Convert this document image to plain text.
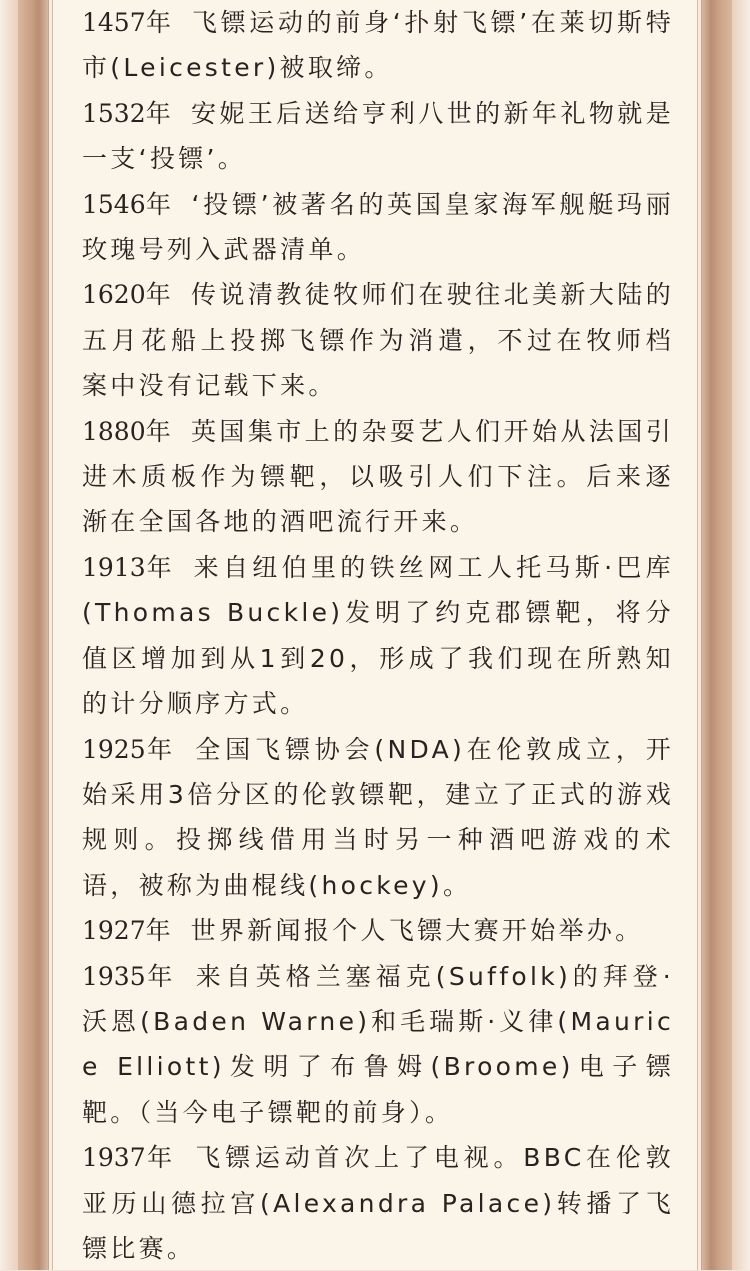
1457年 飞镖运动的前身‘扑射飞镖’在莱切斯特市(Leicester)被取缔。

1532年 安妮王后送给亨利八世的新年礼物就是一支‘投镖’。

1546年 ‘投镖’被著名的英国皇家海军舰艇玛丽玫瑰号列入武器清单。

1620年 传说清教徒牧师们在驶往北美新大陆的五月花船上投掷飞镖作为消遣，不过在牧师档案中没有记载下来。

1880年 英国集市上的杂耍艺人们开始从法国引进木质板作为镖靶，以吸引人们下注。后来逐渐在全国各地的酒吧流行开来。

1913年 来自纽伯里的铁丝网工人托马斯·巴库(Thomas Buckle)发明了约克郡镖靶，将分值区增加到从1到20，形成了我们现在所熟知的计分顺序方式。

1925年 全国飞镖协会(NDA)在伦敦成立，开始采用3倍分区的伦敦镖靶，建立了正式的游戏规则。投掷线借用当时另一种酒吧游戏的术语，被称为曲棍线(hockey)。

1927年 世界新闻报个人飞镖大赛开始举办。

1935年 来自英格兰塞福克(Suffolk)的拜登·沃恩(Baden Warne)和毛瑞斯·义律(Maurice Elliott)发明了布鲁姆(Broome)电子镖靶。（当今电子镖靶的前身）。

1937年 飞镖运动首次上了电视。BBC在伦敦亚历山德拉宫(Alexandra Palace)转播了飞镖比赛。
